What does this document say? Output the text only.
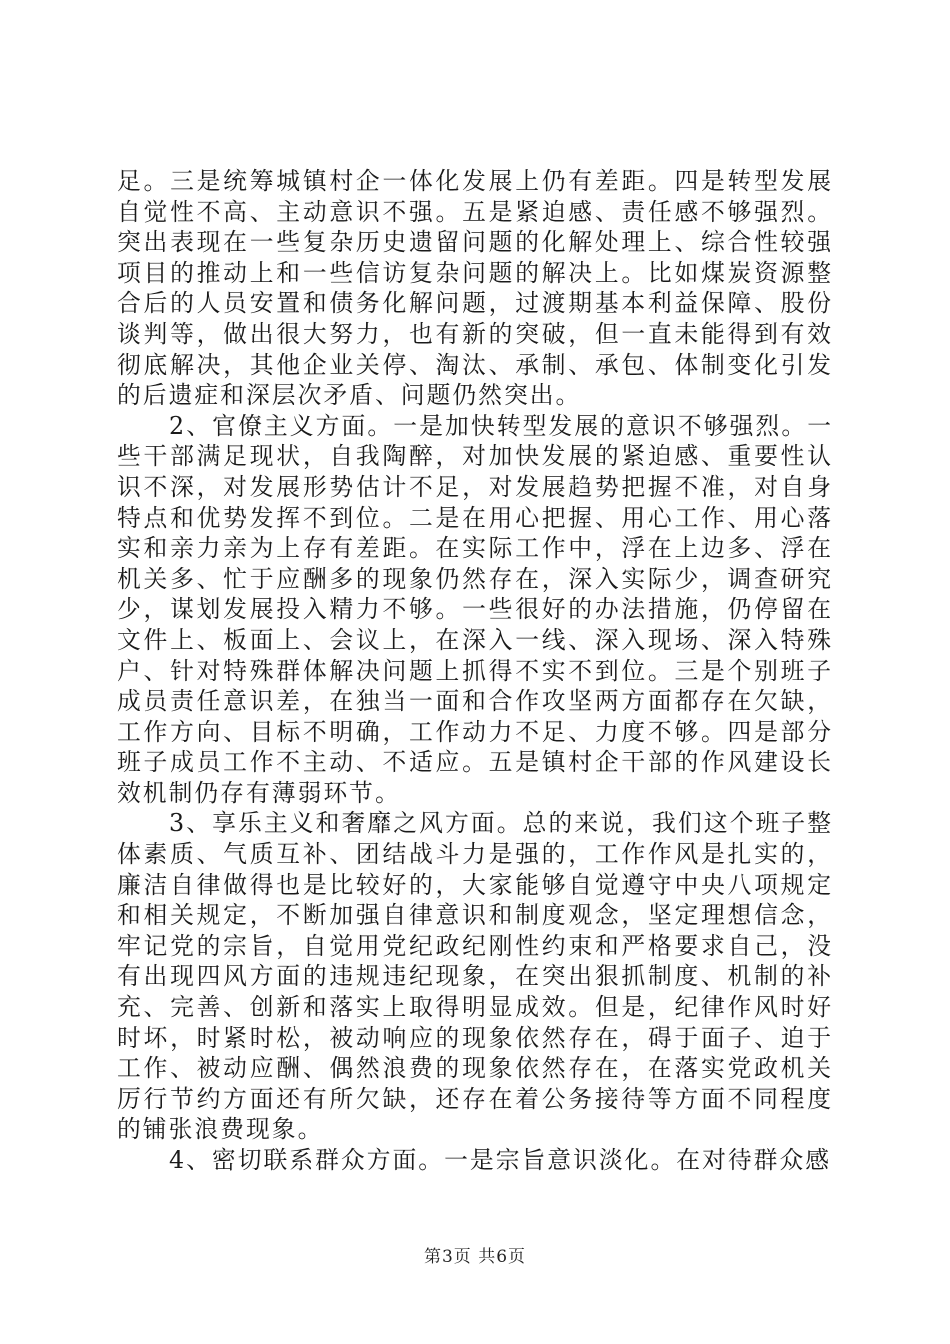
足。三是统筹城镇村企一体化发展上仍有差距。四是转型发展自觉性不高、主动意识不强。五是紧迫感、责任感不够强烈。突出表现在一些复杂历史遗留问题的化解处理上、综合性较强项目的推动上和一些信访复杂问题的解决上。比如煤炭资源整合后的人员安置和债务化解问题，过渡期基本利益保障、股份谈判等，做出很大努力，也有新的突破，但一直未能得到有效彻底解决，其他企业关停、淘汰、承制、承包、体制变化引发的后遗症和深层次矛盾、问题仍然突出。

2、官僚主义方面。一是加快转型发展的意识不够强烈。一些干部满足现状，自我陶醉，对加快发展的紧迫感、重要性认识不深，对发展形势估计不足，对发展趋势把握不准，对自身特点和优势发挥不到位。二是在用心把握、用心工作、用心落实和亲力亲为上存有差距。在实际工作中，浮在上边多、浮在机关多、忙于应酬多的现象仍然存在，深入实际少，调查研究少，谋划发展投入精力不够。一些很好的办法措施，仍停留在文件上、板面上、会议上，在深入一线、深入现场、深入特殊户、针对特殊群体解决问题上抓得不实不到位。三是个别班子成员责任意识差，在独当一面和合作攻坚两方面都存在欠缺，工作方向、目标不明确，工作动力不足、力度不够。四是部分班子成员工作不主动、不适应。五是镇村企干部的作风建设长效机制仍存有薄弱环节。

3、享乐主义和奢靡之风方面。总的来说，我们这个班子整体素质、气质互补、团结战斗力是强的，工作作风是扎实的，廉洁自律做得也是比较好的，大家能够自觉遵守中央八项规定和相关规定，不断加强自律意识和制度观念，坚定理想信念，牢记党的宗旨，自觉用党纪政纪刚性约束和严格要求自己，没有出现四风方面的违规违纪现象，在突出狠抓制度、机制的补充、完善、创新和落实上取得明显成效。但是，纪律作风时好时坏，时紧时松，被动响应的现象依然存在，碍于面子、迫于工作、被动应酬、偶然浪费的现象依然存在，在落实党政机关厉行节约方面还有所欠缺，还存在着公务接待等方面不同程度的铺张浪费现象。

4、密切联系群众方面。一是宗旨意识淡化。在对待群众感

第3页 共6页
